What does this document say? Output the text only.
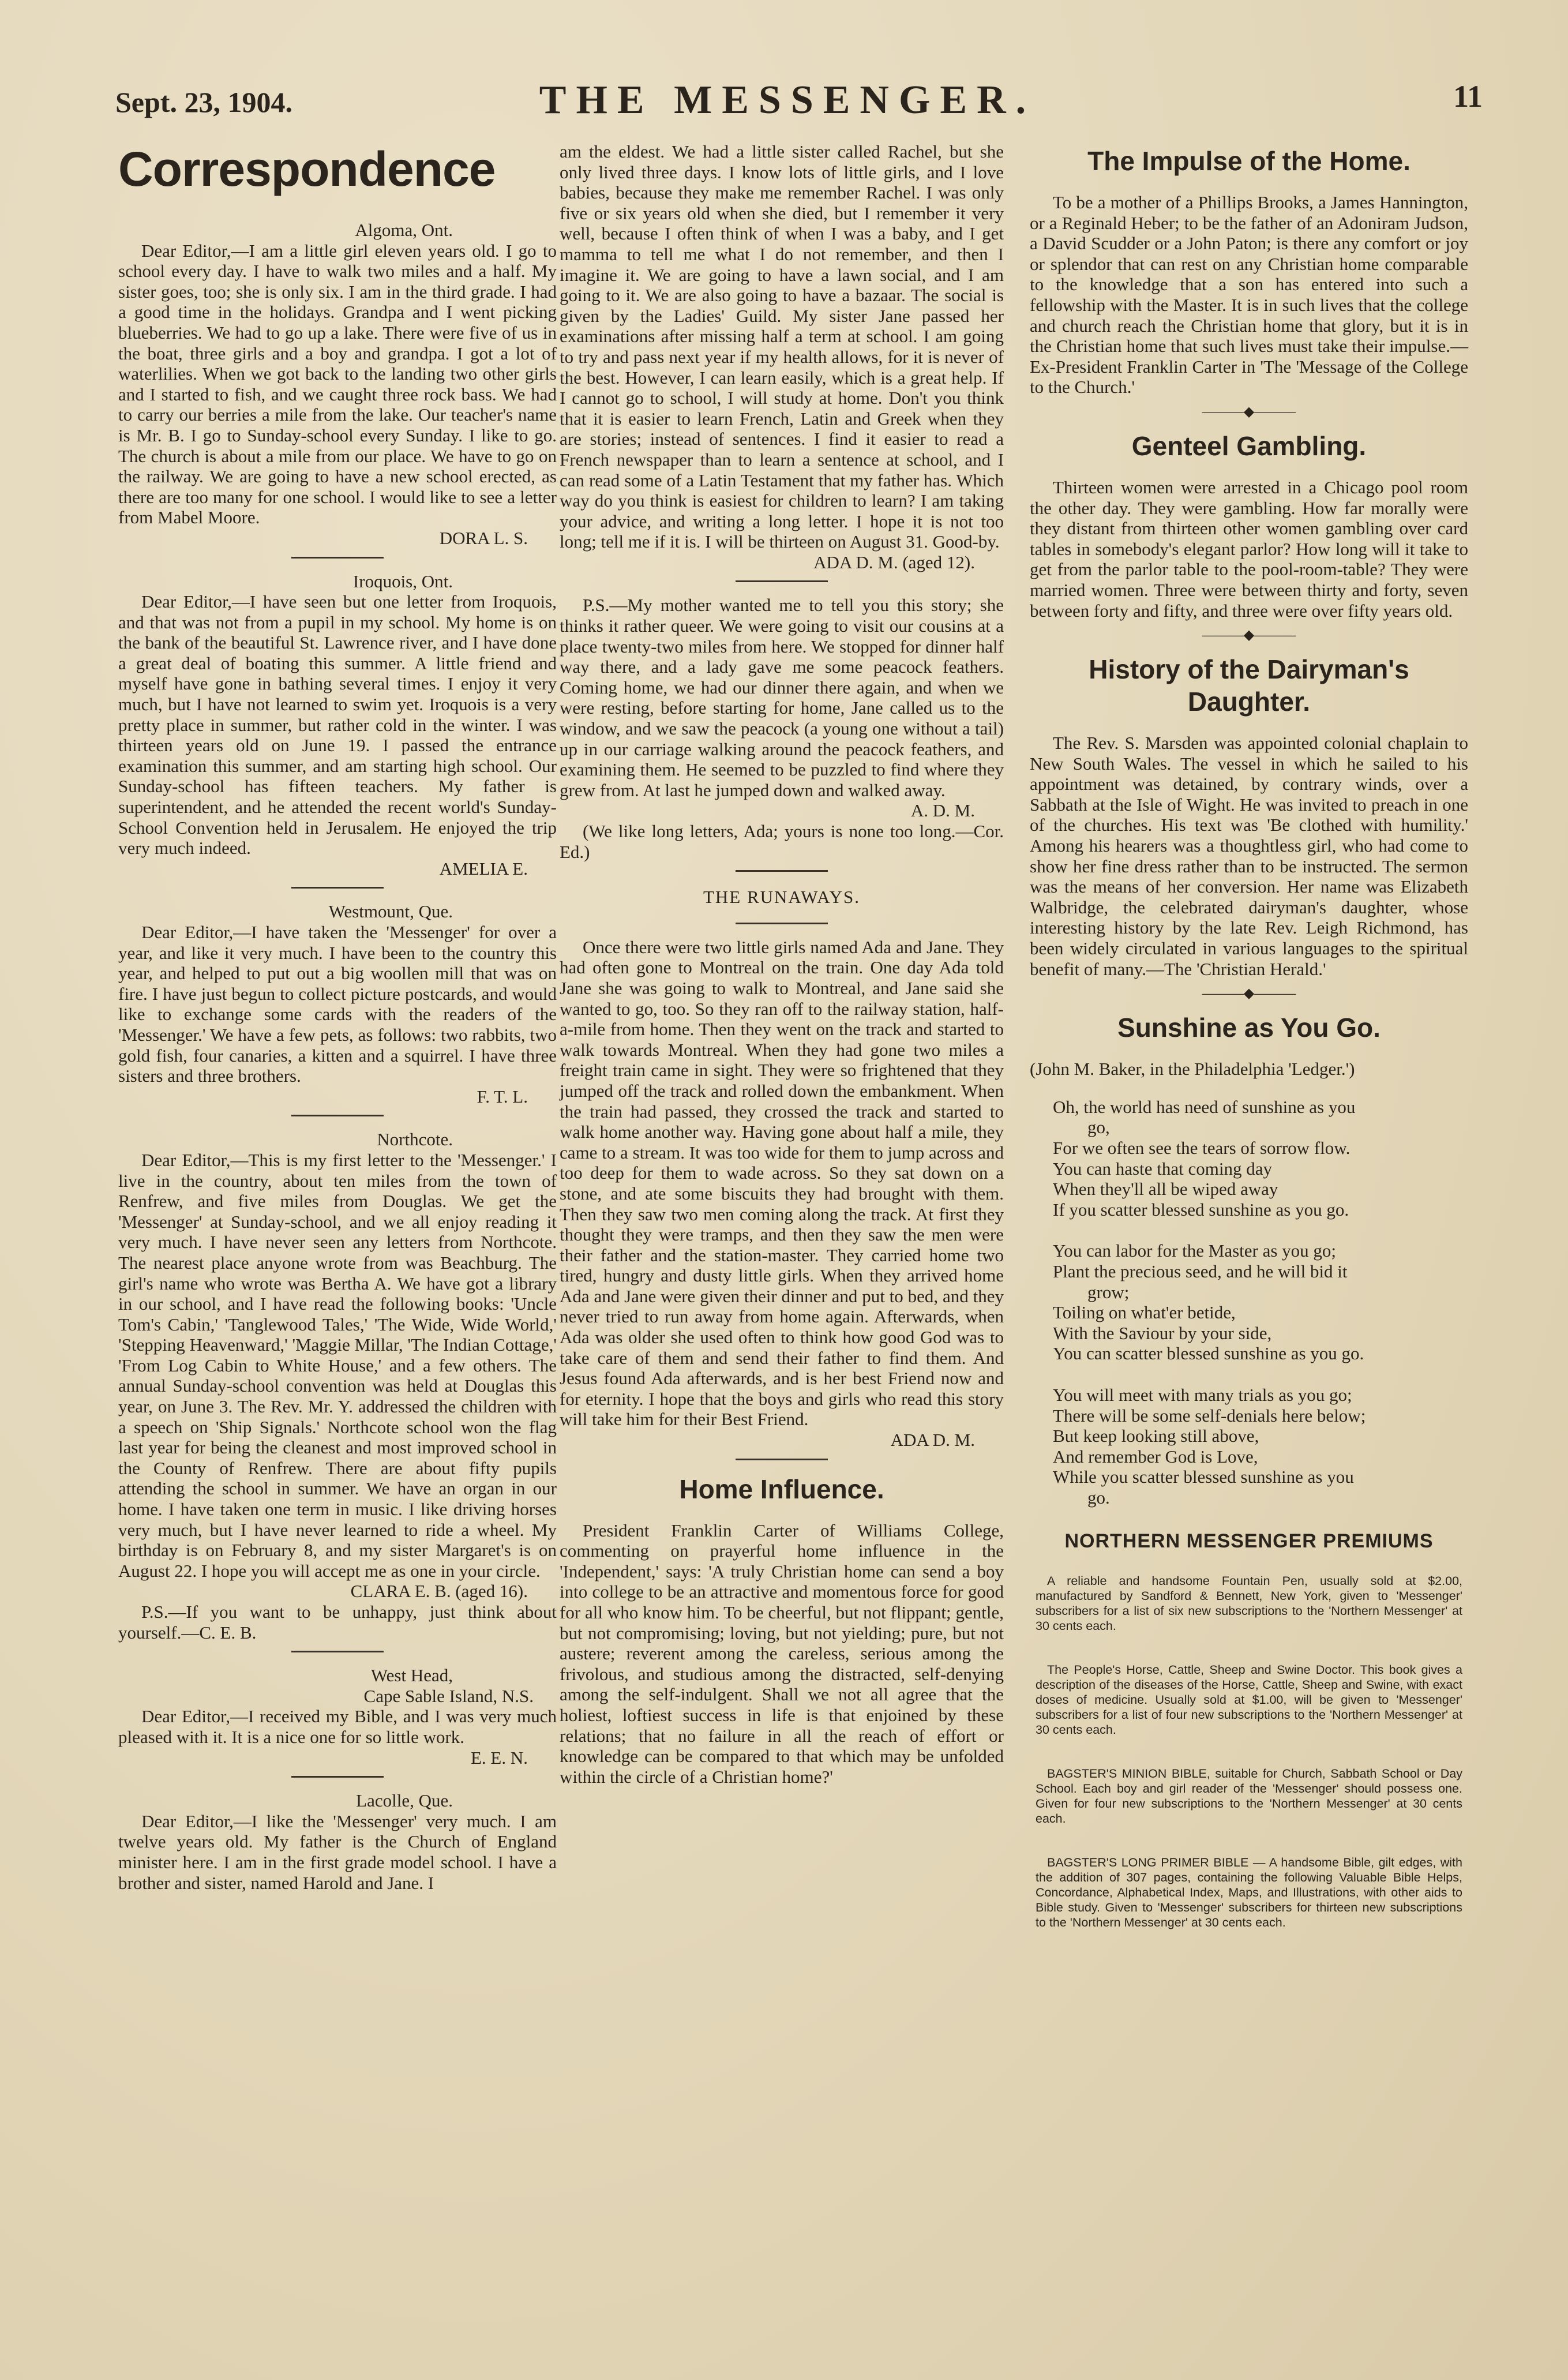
Sept. 23, 1904.	THE MESSENGER.	11
Correspondence
Algoma, Ont.

Dear Editor,—I am a little girl eleven years old. I go to school every day. I have to walk two miles and a half. My sister goes, too; she is only six. I am in the third grade. I had a good time in the holidays. Grandpa and I went picking blueberries. We had to go up a lake. There were five of us in the boat, three girls and a boy and grandpa. I got a lot of waterlilies. When we got back to the landing two other girls and I started to fish, and we caught three rock bass. We had to carry our berries a mile from the lake. Our teacher's name is Mr. B. I go to Sunday-school every Sunday. I like to go. The church is about a mile from our place. We have to go on the railway. We are going to have a new school erected, as there are too many for one school. I would like to see a letter from Mabel Moore.

DORA L. S.
Iroquois, Ont.

Dear Editor,—I have seen but one letter from Iroquois, and that was not from a pupil in my school. My home is on the bank of the beautiful St. Lawrence river, and I have done a great deal of boating this summer. A little friend and myself have gone in bathing several times. I enjoy it very much, but I have not learned to swim yet. Iroquois is a very pretty place in summer, but rather cold in the winter. I was thirteen years old on June 19. I passed the entrance examination this summer, and am starting high school. Our Sunday-school has fifteen teachers. My father is superintendent, and he attended the recent world's Sunday-School Convention held in Jerusalem. He enjoyed the trip very much indeed.

AMELIA E.
Westmount, Que.

Dear Editor,—I have taken the 'Messenger' for over a year, and like it very much. I have been to the country this year, and helped to put out a big woollen mill that was on fire. I have just begun to collect picture postcards, and would like to exchange some cards with the readers of the 'Messenger.' We have a few pets, as follows: two rabbits, two gold fish, four canaries, a kitten and a squirrel. I have three sisters and three brothers.

F. T. L.
Northcote.

Dear Editor,—This is my first letter to the 'Messenger.' I live in the country, about ten miles from the town of Renfrew, and five miles from Douglas. We get the 'Messenger' at Sunday-school, and we all enjoy reading it very much. I have never seen any letters from Northcote. The nearest place anyone wrote from was Beachburg. The girl's name who wrote was Bertha A. We have got a library in our school, and I have read the following books: 'Uncle Tom's Cabin,' 'Tanglewood Tales,' 'The Wide, Wide World,' 'Stepping Heavenward,' 'Maggie Millar, 'The Indian Cottage,' 'From Log Cabin to White House,' and a few others. The annual Sunday-school convention was held at Douglas this year, on June 3. The Rev. Mr. Y. addressed the children with a speech on 'Ship Signals.' Northcote school won the flag last year for being the cleanest and most improved school in the County of Renfrew. There are about fifty pupils attending the school in summer. We have an organ in our home. I have taken one term in music. I like driving horses very much, but I have never learned to ride a wheel. My birthday is on February 8, and my sister Margaret's is on August 22. I hope you will accept me as one in your circle.

CLARA E. B. (aged 16).

P.S.—If you want to be unhappy, just think about yourself.—C. E. B.

West Head,
Cape Sable Island, N.S.

Dear Editor,—I received my Bible, and I was very much pleased with it. It is a nice one for so little work.

E. E. N.
Lacolle, Que.

Dear Editor,—I like the 'Messenger' very much. I am twelve years old. My father is the Church of England minister here. I am in the first grade model school. I have a brother and sister, named Harold and Jane. I

am the eldest. We had a little sister called Rachel, but she only lived three days. I know lots of little girls, and I love babies, because they make me remember Rachel. I was only five or six years old when she died, but I remember it very well, because I often think of when I was a baby, and I get mamma to tell me what I do not remember, and then I imagine it. We are going to have a lawn social, and I am going to it. We are also going to have a bazaar. The social is given by the Ladies' Guild. My sister Jane passed her examinations after missing half a term at school. I am going to try and pass next year if my health allows, for it is never of the best. However, I can learn easily, which is a great help. If I cannot go to school, I will study at home. Don't you think that it is easier to learn French, Latin and Greek when they are stories; instead of sentences. I find it easier to read a French newspaper than to learn a sentence at school, and I can read some of a Latin Testament that my father has. Which way do you think is easiest for children to learn? I am taking your advice, and writing a long letter. I hope it is not too long; tell me if it is. I will be thirteen on August 31. Good-by.

ADA D. M. (aged 12).

P.S.—My mother wanted me to tell you this story; she thinks it rather queer. We were going to visit our cousins at a place twenty-two miles from here. We stopped for dinner half way there, and a lady gave me some peacock feathers. Coming home, we had our dinner there again, and when we were resting, before starting for home, Jane called us to the window, and we saw the peacock (a young one without a tail) up in our carriage walking around the peacock feathers, and examining them. He seemed to be puzzled to find where they grew from. At last he jumped down and walked away.

A. D. M.

(We like long letters, Ada; yours is none too long.—Cor. Ed.)

THE RUNAWAYS.

Once there were two little girls named Ada and Jane. They had often gone to Montreal on the train. One day Ada told Jane she was going to walk to Montreal, and Jane said she wanted to go, too. So they ran off to the railway station, half-a-mile from home. Then they went on the track and started to walk towards Montreal. When they had gone two miles a freight train came in sight. They were so frightened that they jumped off the track and rolled down the embankment. When the train had passed, they crossed the track and started to walk home another way. Having gone about half a mile, they came to a stream. It was too wide for them to jump across and too deep for them to wade across. So they sat down on a stone, and ate some biscuits they had brought with them. Then they saw two men coming along the track. At first they thought they were tramps, and then they saw the men were their father and the station-master. They carried home two tired, hungry and dusty little girls. When they arrived home Ada and Jane were given their dinner and put to bed, and they never tried to run away from home again. Afterwards, when Ada was older she used often to think how good God was to take care of them and send their father to find them. And Jesus found Ada afterwards, and is her best Friend now and for eternity. I hope that the boys and girls who read this story will take him for their Best Friend.

ADA D. M.
Home Influence.

President Franklin Carter of Williams College, commenting on prayerful home influence in the 'Independent,' says: 'A truly Christian home can send a boy into college to be an attractive and momentous force for good for all who know him. To be cheerful, but not flippant; gentle, but not compromising; loving, but not yielding; pure, but not austere; reverent among the careless, serious among the frivolous, and studious among the distracted, self-denying among the self-indulgent. Shall we not all agree that the holiest, loftiest success in life is that enjoined by these relations; that no failure in all the reach of effort or knowledge can be compared to that which may be unfolded within the circle of a Christian home?'

The Impulse of the Home.

To be a mother of a Phillips Brooks, a James Hannington, or a Reginald Heber; to be the father of an Adoniram Judson, a David Scudder or a John Paton; is there any comfort or joy or splendor that can rest on any Christian home comparable to the knowledge that a son has entered into such a fellowship with the Master. It is in such lives that the college and church reach the Christian home that glory, but it is in the Christian home that such lives must take their impulse.—Ex-President Franklin Carter in 'The 'Message of the College to the Church.'

———◆———
Genteel Gambling.

Thirteen women were arrested in a Chicago pool room the other day. They were gambling. How far morally were they distant from thirteen other women gambling over card tables in somebody's elegant parlor? How long will it take to get from the parlor table to the pool-room-table? They were married women. Three were between thirty and forty, seven between forty and fifty, and three were over fifty years old.

———◆———
History of the Dairyman's Daughter.

The Rev. S. Marsden was appointed colonial chaplain to New South Wales. The vessel in which he sailed to his appointment was detained, by contrary winds, over a Sabbath at the Isle of Wight. He was invited to preach in one of the churches. His text was 'Be clothed with humility.' Among his hearers was a thoughtless girl, who had come to show her fine dress rather than to be instructed. The sermon was the means of her conversion. Her name was Elizabeth Walbridge, the celebrated dairyman's daughter, whose interesting history by the late Rev. Leigh Richmond, has been widely circulated in various languages to the spiritual benefit of many.—The 'Christian Herald.'

———◆———
Sunshine as You Go.
(John M. Baker, in the Philadelphia 'Ledger.')
Oh, the world has need of sunshine as you
go,
For we often see the tears of sorrow flow.
You can haste that coming day
When they'll all be wiped away
If you scatter blessed sunshine as you go.
You can labor for the Master as you go;
Plant the precious seed, and he will bid it
grow;
Toiling on what'er betide,
With the Saviour by your side,
You can scatter blessed sunshine as you go.
You will meet with many trials as you go;
There will be some self-denials here below;
But keep looking still above,
And remember God is Love,
While you scatter blessed sunshine as you
go.
NORTHERN MESSENGER PREMIUMS

A reliable and handsome Fountain Pen, usually sold at $2.00, manufactured by Sandford & Bennett, New York, given to 'Messenger' subscribers for a list of six new subscriptions to the 'Northern Messenger' at 30 cents each.

The People's Horse, Cattle, Sheep and Swine Doctor. This book gives a description of the diseases of the Horse, Cattle, Sheep and Swine, with exact doses of medicine. Usually sold at $1.00, will be given to 'Messenger' subscribers for a list of four new subscriptions to the 'Northern Messenger' at 30 cents each.

BAGSTER'S MINION BIBLE, suitable for Church, Sabbath School or Day School. Each boy and girl reader of the 'Messenger' should possess one. Given for four new subscriptions to the 'Northern Messenger' at 30 cents each.

BAGSTER'S LONG PRIMER BIBLE — A handsome Bible, gilt edges, with the addition of 307 pages, containing the following Valuable Bible Helps, Concordance, Alphabetical Index, Maps, and Illustrations, with other aids to Bible study. Given to 'Messenger' subscribers for thirteen new subscriptions to the 'Northern Messenger' at 30 cents each.
